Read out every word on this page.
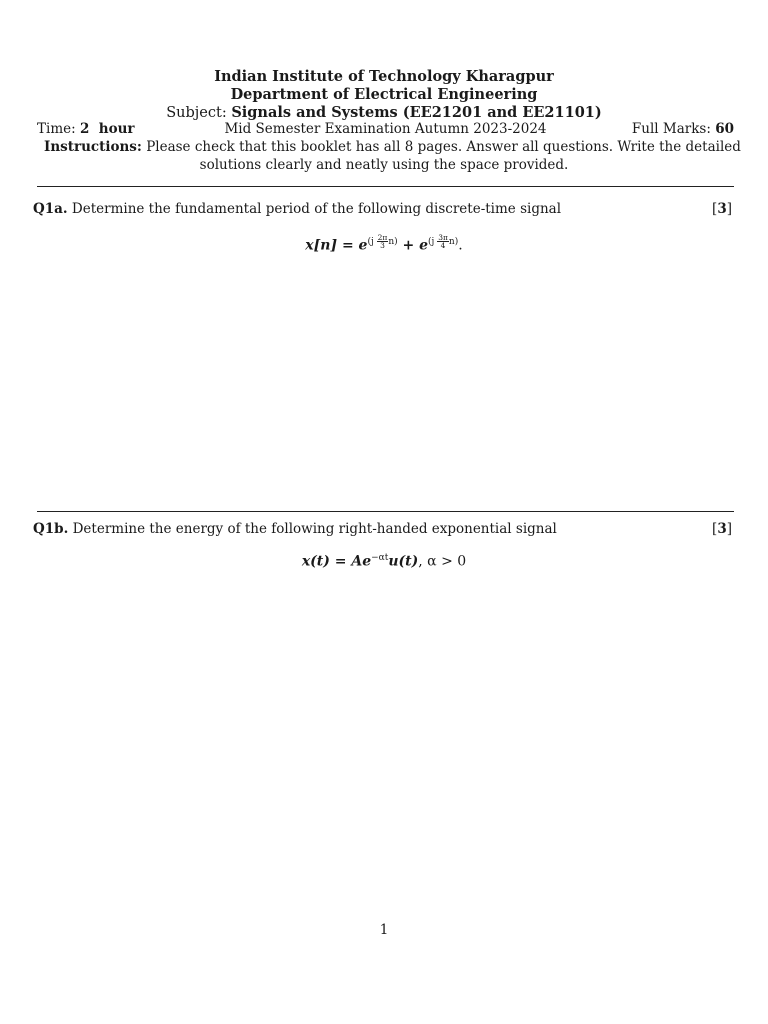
Indian Institute of Technology Kharagpur
Department of Electrical Engineering
Subject: Signals and Systems (EE21201 and EE21101)
Time: 2  hour	Mid Semester Examination Autumn 2023-2024	Full Marks: 60
Instructions: Please check that this booklet has all 8 pages. Answer all questions. Write the detailed
solutions clearly and neatly using the space provided.
Q1a. Determine the fundamental period of the following discrete-time signal	[3]
$x[n] = e^{(j \frac{2\pi}{3} n)} + e^{(j \frac{3\pi}{4} n)}$.
Q1b. Determine the energy of the following right-handed exponential signal	[3]
$x(t) = Ae^{-\alpha t}u(t)$, α > 0
1
